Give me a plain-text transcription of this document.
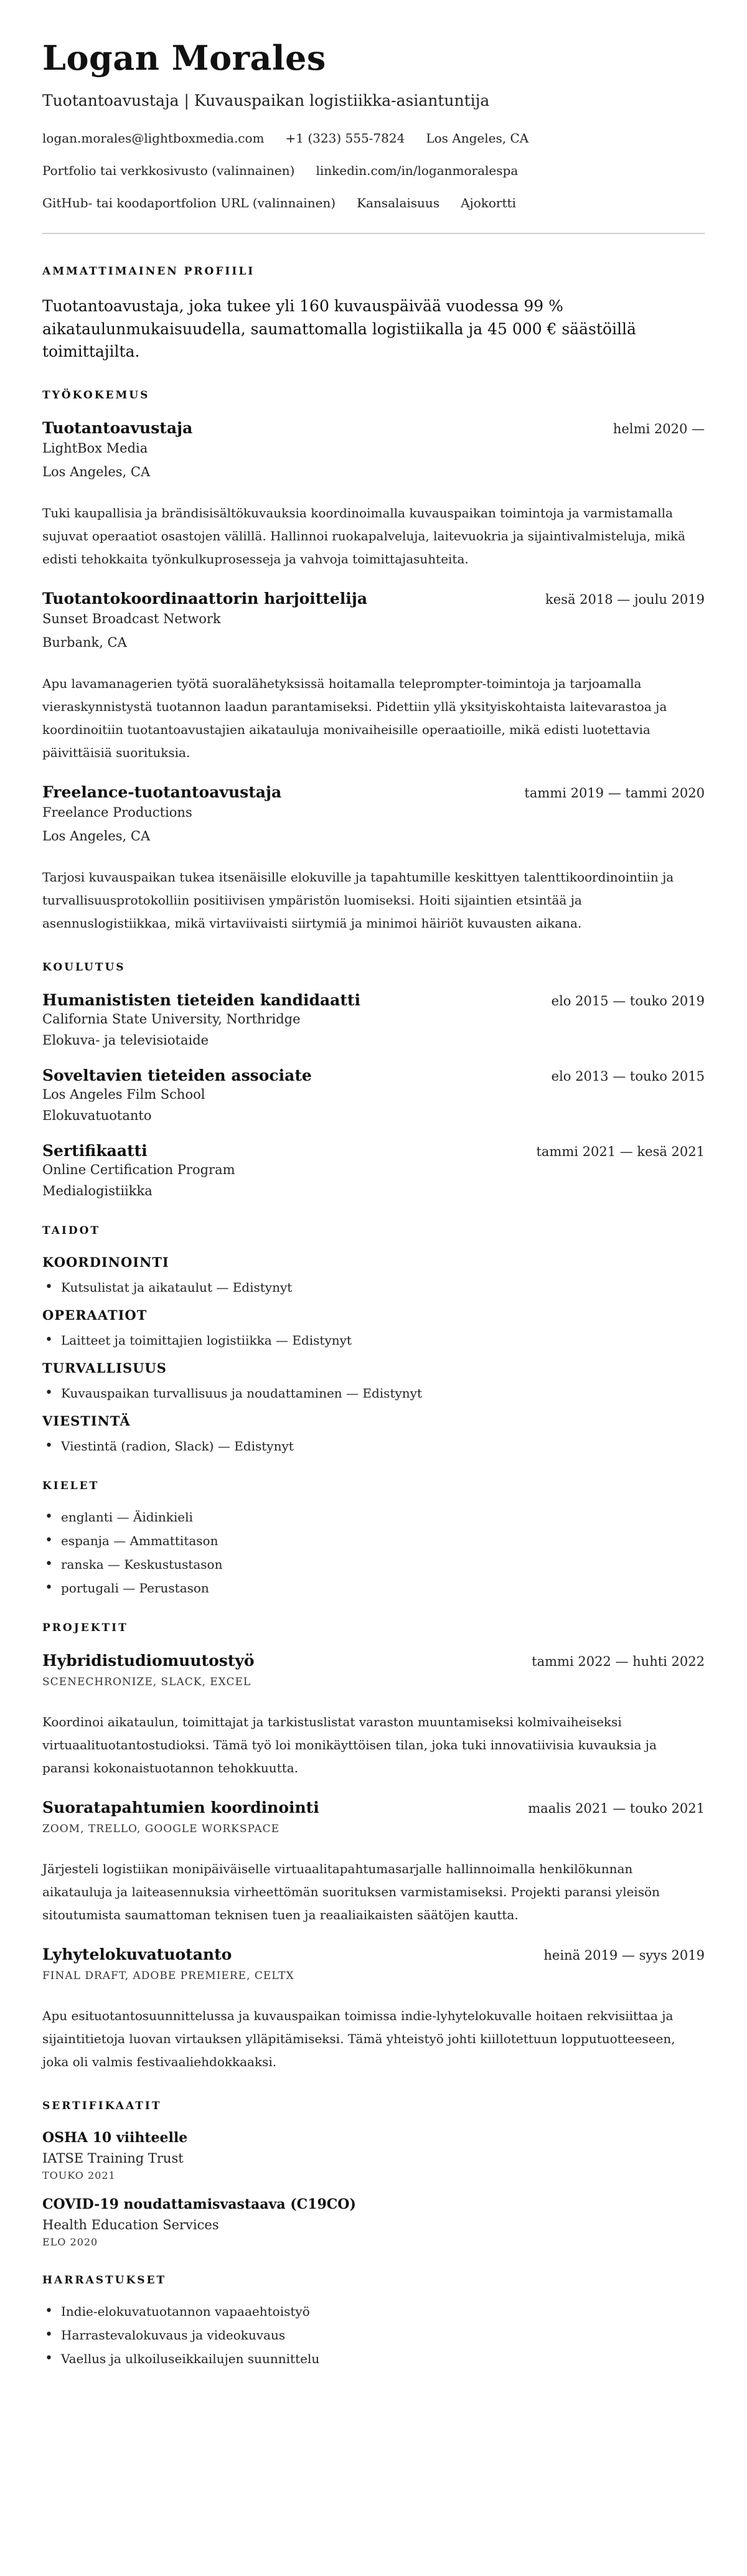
Logan Morales
Tuotantoavustaja | Kuvauspaikan logistiikka-asiantuntija
logan.morales@lightboxmedia.com +1 (323) 555-7824 Los Angeles, CA
Portfolio tai verkkosivusto (valinnainen) linkedin.com/in/loganmoralespa
GitHub- tai koodaportfolion URL (valinnainen) Kansalaisuus Ajokortti
AMMATTIMAINEN PROFIILI

Tuotantoavustaja, joka tukee yli 160 kuvauspäivää vuodessa 99 % aikataulunmukaisuudella, saumattomalla logistiikalla ja 45 000 € säästöillä toimittajilta.

TYÖKOKEMUS
Tuotantoavustaja	helmi 2020 —
LightBox Media
Los Angeles, CA

Tuki kaupallisia ja brändisisältökuvauksia koordinoimalla kuvauspaikan toimintoja ja varmistamalla sujuvat operaatiot osastojen välillä. Hallinnoi ruokapalveluja, laitevuokria ja sijaintivalmisteluja, mikä edisti tehokkaita työnkulkuprosesseja ja vahvoja toimittajasuhteita.

Tuotantokoordinaattorin harjoittelija	kesä 2018 — joulu 2019
Sunset Broadcast Network
Burbank, CA

Apu lavamanagerien työtä suoralähetyksissä hoitamalla teleprompter-toimintoja ja tarjoamalla vieraskynnistystä tuotannon laadun parantamiseksi. Pidettiin yllä yksityiskohtaista laitevarastoa ja koordinoitiin tuotantoavustajien aikatauluja monivaiheisille operaatioille, mikä edisti luotettavia päivittäisiä suorituksia.

Freelance-tuotantoavustaja	tammi 2019 — tammi 2020
Freelance Productions
Los Angeles, CA

Tarjosi kuvauspaikan tukea itsenäisille elokuville ja tapahtumille keskittyen talenttikoordinointiin ja turvallisuusprotokolliin positiivisen ympäristön luomiseksi. Hoiti sijaintien etsintää ja asennuslogistiikkaa, mikä virtaviivaisti siirtymiä ja minimoi häiriöt kuvausten aikana.

KOULUTUS
Humanististen tieteiden kandidaatti	elo 2015 — touko 2019
California State University, Northridge
Elokuva- ja televisiotaide
Soveltavien tieteiden associate	elo 2013 — touko 2015
Los Angeles Film School
Elokuvatuotanto
Sertifikaatti	tammi 2021 — kesä 2021
Online Certification Program
Medialogistiikka
TAIDOT
KOORDINOINTI
• Kutsulistat ja aikataulut — Edistynyt
OPERAATIOT
• Laitteet ja toimittajien logistiikka — Edistynyt
TURVALLISUUS
• Kuvauspaikan turvallisuus ja noudattaminen — Edistynyt
VIESTINTÄ
• Viestintä (radion, Slack) — Edistynyt
KIELET
• englanti — Äidinkieli
• espanja — Ammattitason
• ranska — Keskustustason
• portugali — Perustason
PROJEKTIT
Hybridistudiomuutostyö	tammi 2022 — huhti 2022
SCENECHRONIZE, SLACK, EXCEL

Koordinoi aikataulun, toimittajat ja tarkistuslistat varaston muuntamiseksi kolmivaiheiseksi virtuaalituotantostudioksi. Tämä työ loi monikäyttöisen tilan, joka tuki innovatiivisia kuvauksia ja paransi kokonaistuotannon tehokkuutta.

Suoratapahtumien koordinointi	maalis 2021 — touko 2021
ZOOM, TRELLO, GOOGLE WORKSPACE

Järjesteli logistiikan monipäiväiselle virtuaalitapahtumasarjalle hallinnoimalla henkilökunnan aikatauluja ja laiteasennuksia virheettömän suorituksen varmistamiseksi. Projekti paransi yleisön sitoutumista saumattoman teknisen tuen ja reaaliaikaisten säätöjen kautta.

Lyhytelokuvatuotanto	heinä 2019 — syys 2019
FINAL DRAFT, ADOBE PREMIERE, CELTX

Apu esituotantosuunnittelussa ja kuvauspaikan toimissa indie-lyhytelokuvalle hoitaen rekvisiittaa ja sijaintitietoja luovan virtauksen ylläpitämiseksi. Tämä yhteistyö johti kiillotettuun lopputuotteeseen, joka oli valmis festivaaliehdokkaaksi.

SERTIFIKAATIT
OSHA 10 viihteelle
IATSE Training Trust
TOUKO 2021
COVID-19 noudattamisvastaava (C19CO)
Health Education Services
ELO 2020
HARRASTUKSET
• Indie-elokuvatuotannon vapaaehtoistyö
• Harrastevalokuvaus ja videokuvaus
• Vaellus ja ulkoiluseikkailujen suunnittelu
